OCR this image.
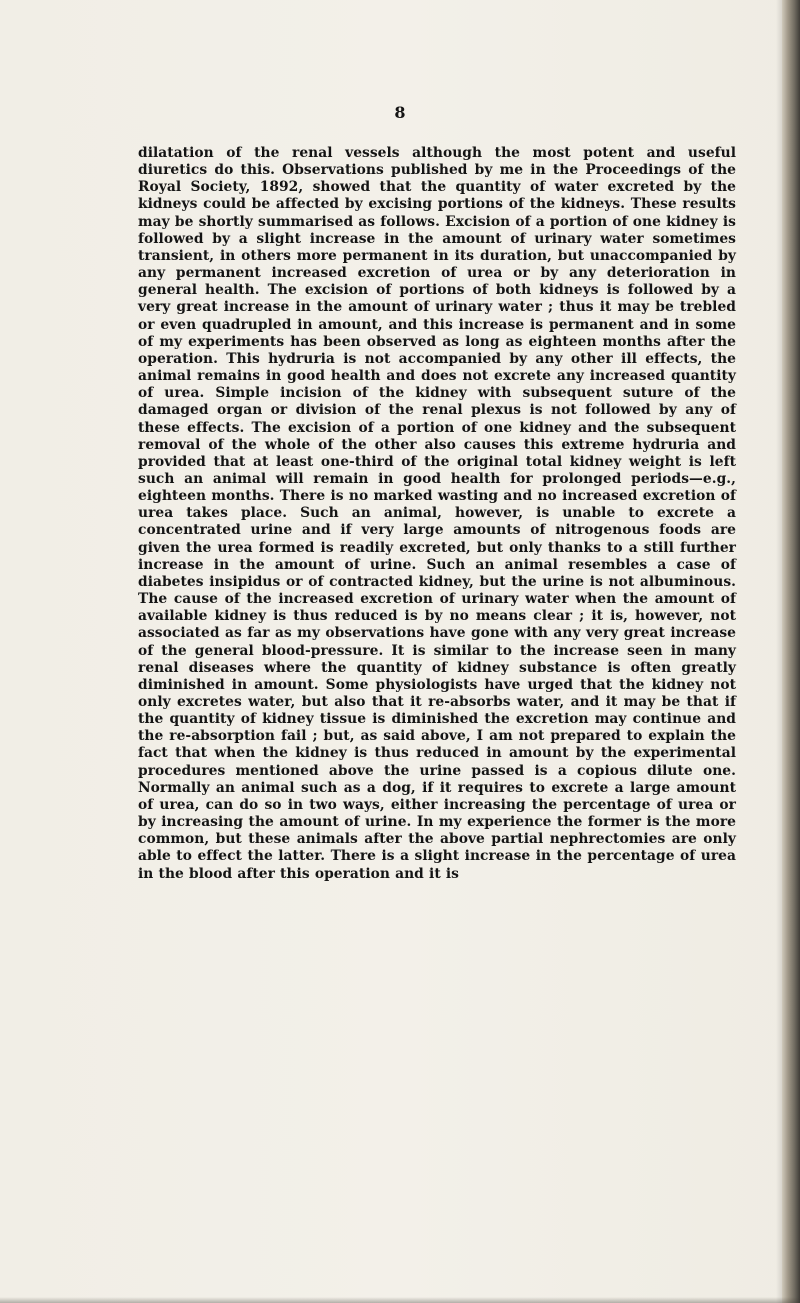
8

dilatation of the renal vessels although the most potent and useful diuretics do this. Observations published by me in the Proceedings of the Royal Society, 1892, showed that the quantity of water excreted by the kidneys could be affected by excising portions of the kidneys. These results may be shortly summarised as follows. Excision of a portion of one kidney is followed by a slight increase in the amount of urinary water sometimes transient, in others more permanent in its duration, but unaccompanied by any permanent increased excretion of urea or by any deterioration in general health. The excision of portions of both kidneys is followed by a very great increase in the amount of urinary water ; thus it may be trebled or even quadrupled in amount, and this increase is permanent and in some of my experiments has been observed as long as eighteen months after the operation. This hydruria is not accompanied by any other ill effects, the animal remains in good health and does not excrete any increased quantity of urea. Simple incision of the kidney with subsequent suture of the damaged organ or division of the renal plexus is not followed by any of these effects. The excision of a portion of one kidney and the subsequent removal of the whole of the other also causes this extreme hydruria and provided that at least one-third of the original total kidney weight is left such an animal will remain in good health for prolonged periods—e.g., eighteen months. There is no marked wasting and no increased excretion of urea takes place. Such an animal, however, is unable to excrete a concentrated urine and if very large amounts of nitrogenous foods are given the urea formed is readily excreted, but only thanks to a still further increase in the amount of urine. Such an animal resembles a case of diabetes insipidus or of contracted kidney, but the urine is not albuminous. The cause of the increased excretion of urinary water when the amount of available kidney is thus reduced is by no means clear ; it is, however, not associated as far as my observations have gone with any very great increase of the general blood-pressure. It is similar to the increase seen in many renal diseases where the quantity of kidney substance is often greatly diminished in amount. Some physiologists have urged that the kidney not only excretes water, but also that it re-absorbs water, and it may be that if the quantity of kidney tissue is diminished the excretion may continue and the re-absorption fail ; but, as said above, I am not prepared to explain the fact that when the kidney is thus reduced in amount by the experimental procedures mentioned above the urine passed is a copious dilute one. Normally an animal such as a dog, if it requires to excrete a large amount of urea, can do so in two ways, either increasing the percentage of urea or by increasing the amount of urine. In my experience the former is the more common, but these animals after the above partial nephrectomies are only able to effect the latter. There is a slight increase in the percentage of urea in the blood after this operation and it is
